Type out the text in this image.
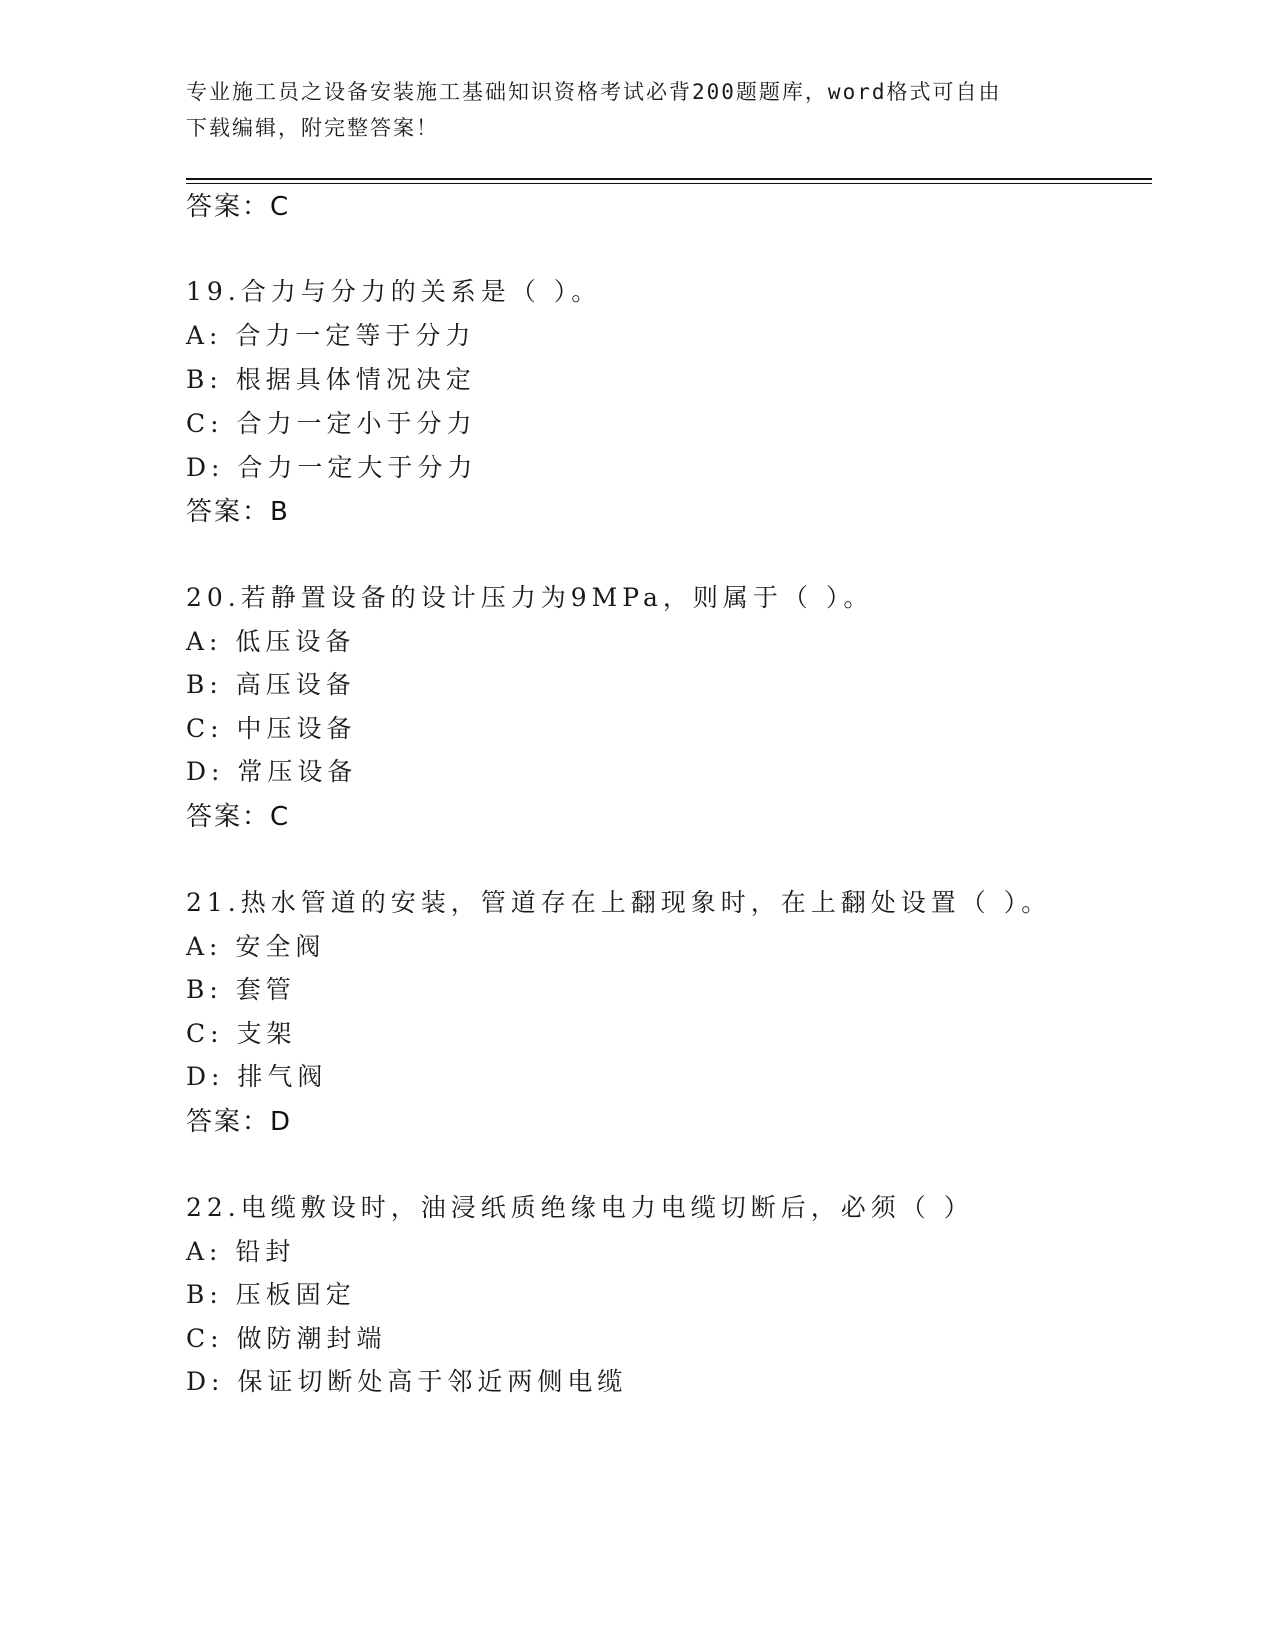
专业施工员之设备安装施工基础知识资格考试必背200题题库，word格式可自由
下载编辑，附完整答案！
答案：C
19.合力与分力的关系是（ ）。
A: 合力一定等于分力
B: 根据具体情况决定
C: 合力一定小于分力
D: 合力一定大于分力
答案：B
20.若静置设备的设计压力为9MPa，则属于（ ）。
A: 低压设备
B: 高压设备
C: 中压设备
D: 常压设备
答案：C
21.热水管道的安装，管道存在上翻现象时，在上翻处设置（ ）。
A: 安全阀
B: 套管
C: 支架
D: 排气阀
答案：D
22.电缆敷设时，油浸纸质绝缘电力电缆切断后，必须（ ）
A: 铅封
B: 压板固定
C: 做防潮封端
D: 保证切断处高于邻近两侧电缆
